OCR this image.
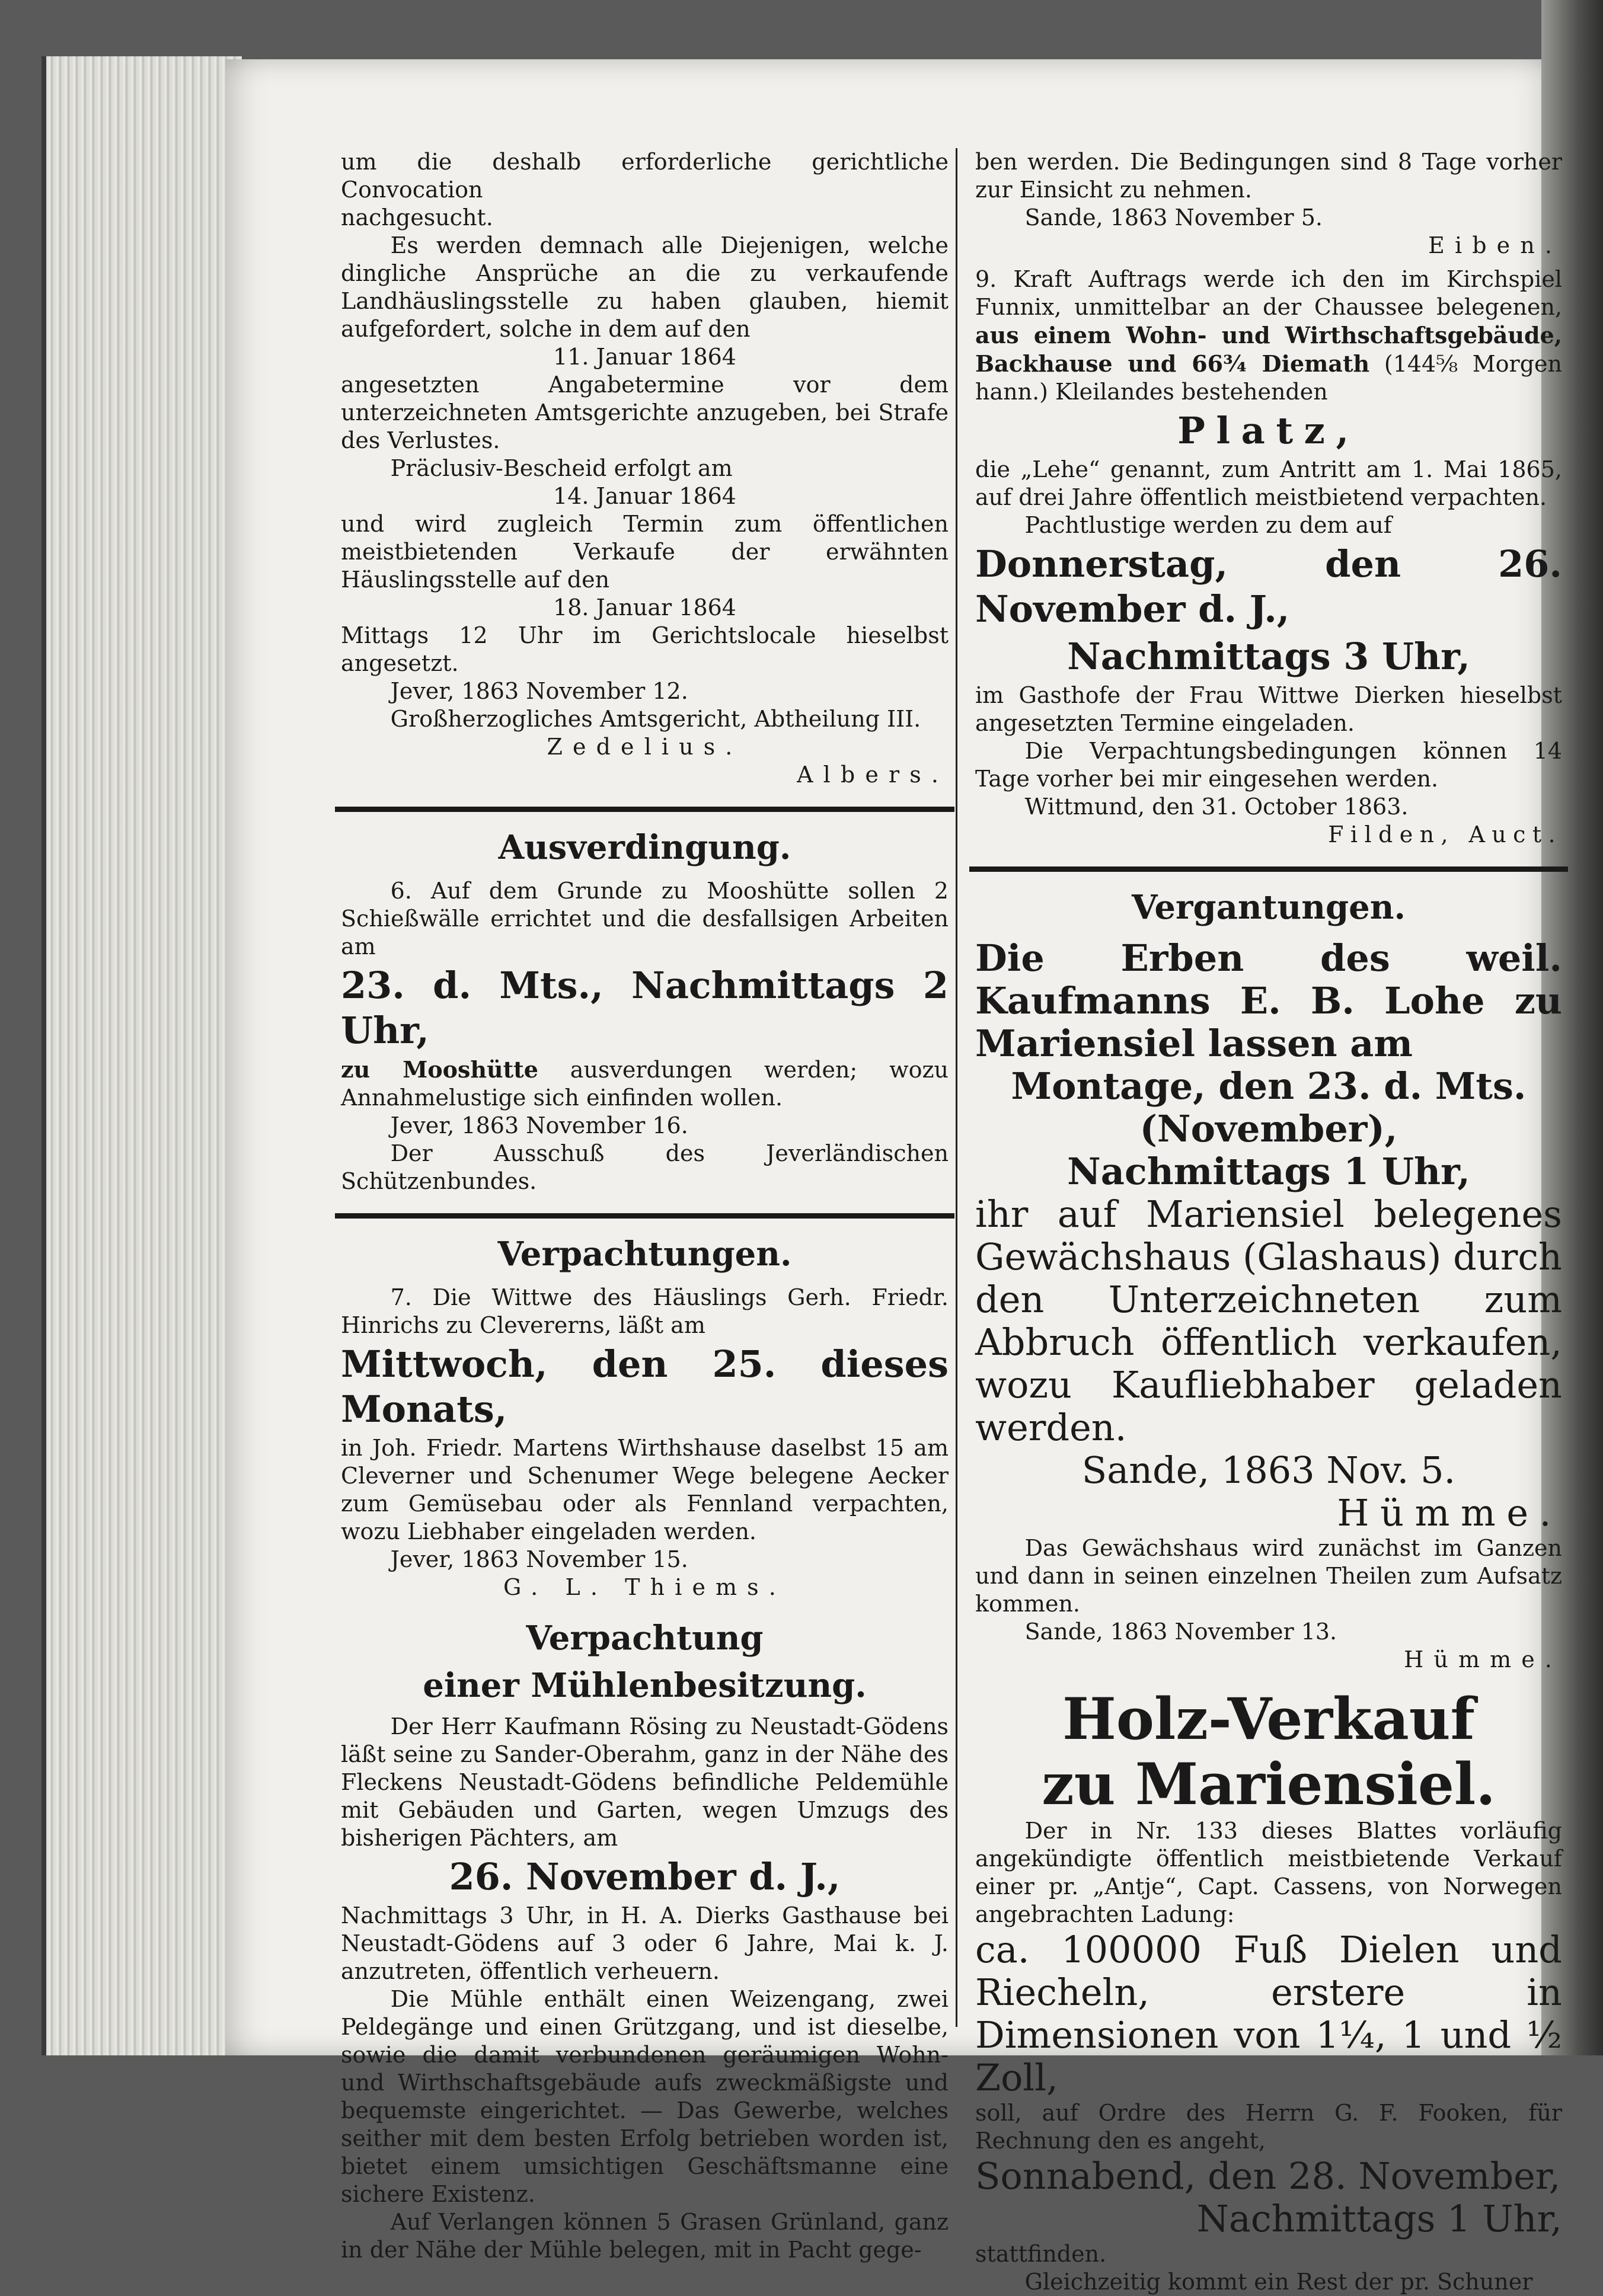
um die deshalb erforderliche gerichtliche Convocation

nachgesucht.

Es werden demnach alle Diejenigen, welche dingliche Ansprüche an die zu verkaufende Landhäuslingsstelle zu haben glauben, hiemit aufgefordert, solche in dem auf den

11. Januar 1864

angesetzten Angabetermine vor dem unterzeichneten Amtsgerichte anzugeben, bei Strafe des Verlustes.

Präclusiv-Bescheid erfolgt am

14. Januar 1864

und wird zugleich Termin zum öffentlichen meistbietenden Verkaufe der erwähnten Häuslingsstelle auf den

18. Januar 1864

Mittags 12 Uhr im Gerichtslocale hieselbst angesetzt.

Jever, 1863 November 12.

Großherzogliches Amtsgericht, Abtheilung III.

Zedelius.

Albers.

Ausverdingung.

6. Auf dem Grunde zu Mooshütte sollen 2 Schießwälle errichtet und die desfallsigen Arbeiten am

23. d. Mts., Nachmittags 2 Uhr,

zu Mooshütte ausverdungen werden; wozu Annahmelustige sich einfinden wollen.

Jever, 1863 November 16.

Der Ausschuß des Jeverländischen Schützenbundes.

Verpachtungen.

7. Die Wittwe des Häuslings Gerh. Friedr. Hinrichs zu Clevererns, läßt am

Mittwoch, den 25. dieses Monats,

in Joh. Friedr. Martens Wirthshause daselbst 15 am Cleverner und Schenumer Wege belegene Aecker zum Gemüsebau oder als Fennland verpachten, wozu Liebhaber eingeladen werden.

Jever, 1863 November 15.

G. L. Thiems.

Verpachtung
einer Mühlenbesitzung.

Der Herr Kaufmann Rösing zu Neustadt-Gödens läßt seine zu Sander-Oberahm, ganz in der Nähe des Fleckens Neustadt-Gödens befindliche Peldemühle mit Gebäuden und Garten, wegen Umzugs des bisherigen Pächters, am

26. November d. J.,

Nachmittags 3 Uhr, in H. A. Dierks Gasthause bei Neustadt-Gödens auf 3 oder 6 Jahre, Mai k. J. anzutreten, öffentlich verheuern.

Die Mühle enthält einen Weizengang, zwei Peldegänge und einen Grützgang, und ist dieselbe, sowie die damit verbundenen geräumigen Wohn- und Wirthschaftsgebäude aufs zweckmäßigste und bequemste eingerichtet. — Das Gewerbe, welches seither mit dem besten Erfolg betrieben worden ist, bietet einem umsichtigen Geschäftsmanne eine sichere Existenz.

Auf Verlangen können 5 Grasen Grünland, ganz in der Nähe der Mühle belegen, mit in Pacht gege-

ben werden. Die Bedingungen sind 8 Tage vorher zur Einsicht zu nehmen.

Sande, 1863 November 5.

Eiben.

9. Kraft Auftrags werde ich den im Kirchspiel Funnix, unmittelbar an der Chaussee belegenen, aus einem Wohn- und Wirthschaftsgebäude, Backhause und 66¾ Diemath (144⅝ Morgen hann.) Kleilandes bestehenden

Platz,

die „Lehe“ genannt, zum Antritt am 1. Mai 1865, auf drei Jahre öffentlich meistbietend verpachten.

Pachtlustige werden zu dem auf

Donnerstag, den 26. November d. J.,

Nachmittags 3 Uhr,

im Gasthofe der Frau Wittwe Dierken hieselbst angesetzten Termine eingeladen.

Die Verpachtungsbedingungen können 14 Tage vorher bei mir eingesehen werden.

Wittmund, den 31. October 1863.

Filden, Auct.

Vergantungen.

Die Erben des weil. Kaufmanns E. B. Lohe zu Mariensiel lassen am

Montage, den 23. d. Mts.

(November),

Nachmittags 1 Uhr,

ihr auf Mariensiel belegenes Gewächshaus (Glashaus) durch den Unterzeichneten zum Abbruch öffentlich verkaufen, wozu Kaufliebhaber geladen werden.

Sande, 1863 Nov. 5.

Hümme.

Das Gewächshaus wird zunächst im Ganzen und dann in seinen einzelnen Theilen zum Aufsatz kommen.

Sande, 1863 November 13.

Hümme.

Holz-Verkauf
zu Mariensiel.

Der in Nr. 133 dieses Blattes vorläufig angekündigte öffentlich meistbietende Verkauf einer pr. „Antje“, Capt. Cassens, von Norwegen angebrachten Ladung:

ca. 100000 Fuß Dielen und Riecheln, erstere in Dimensionen von 1¼, 1 und ½ Zoll,

soll, auf Ordre des Herrn G. F. Fooken, für Rechnung den es angeht,

Sonnabend, den 28. November,

Nachmittags 1 Uhr,

stattfinden.

Gleichzeitig kommt ein Rest der pr. Schuner
